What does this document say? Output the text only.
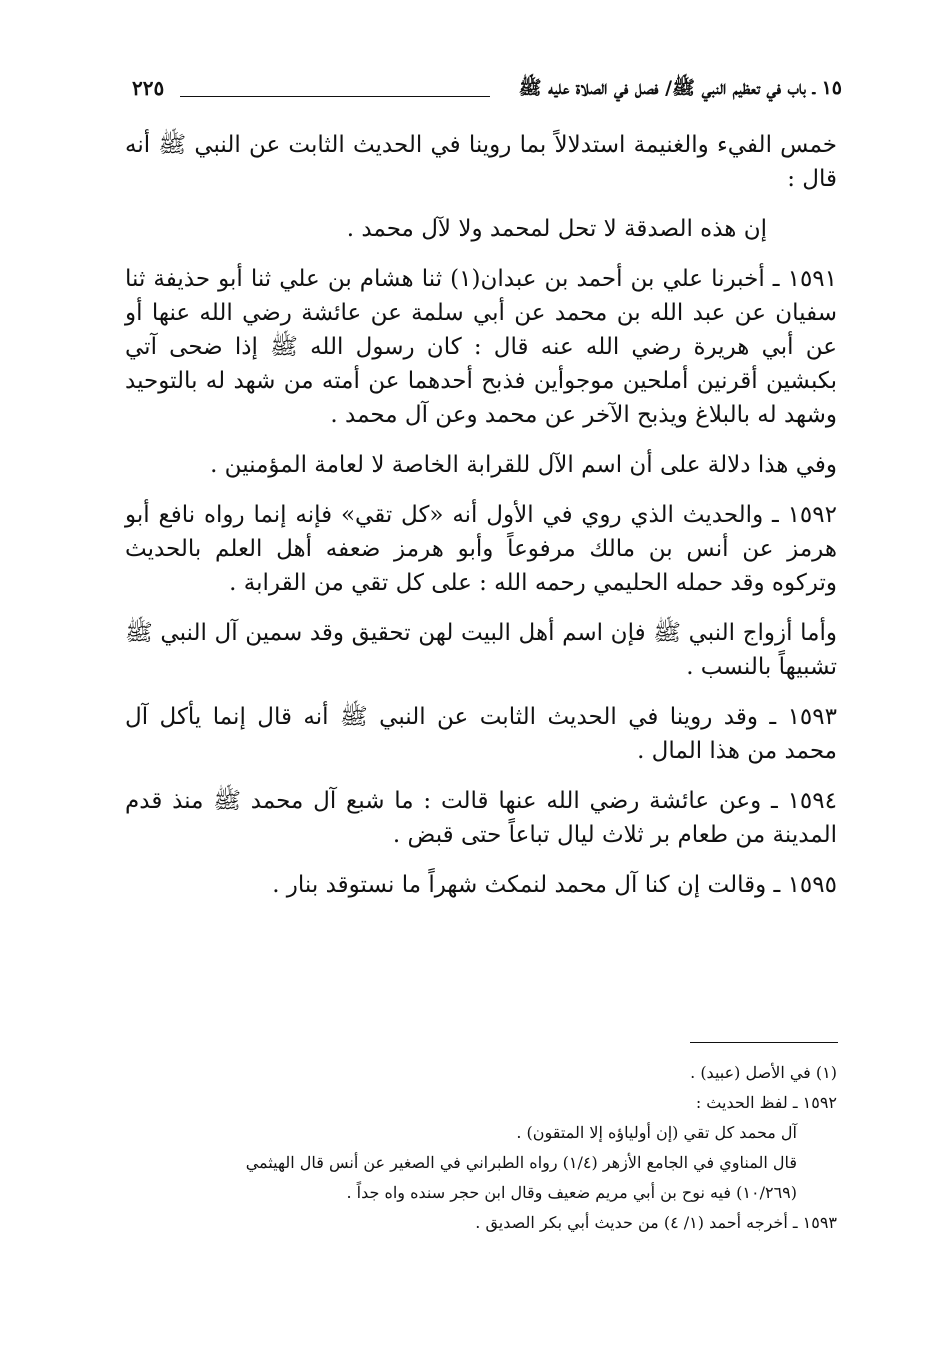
١٥ ـ باب في تعظيم النبي ﷺ/ فصل في الصلاة عليه ﷺ
٢٢٥

خمس الفيء والغنيمة استدلالاً بما روينا في الحديث الثابت عن النبي ﷺ أنه قال :

إن هذه الصدقة لا تحل لمحمد ولا لآل محمد .

١٥٩١ ـ أخبرنا علي بن أحمد بن عبدان(١) ثنا هشام بن علي ثنا أبو حذيفة ثنا سفيان عن عبد الله بن محمد عن أبي سلمة عن عائشة رضي الله عنها أو عن أبي هريرة رضي الله عنه قال : كان رسول الله ﷺ إذا ضحى آتي بكبشين أقرنين أملحين موجوأين فذبح أحدهما عن أمته من شهد له بالتوحيد وشهد له بالبلاغ ويذبح الآخر عن محمد وعن آل محمد .

وفي هذا دلالة على أن اسم الآل للقرابة الخاصة لا لعامة المؤمنين .

١٥٩٢ ـ والحديث الذي روي في الأول أنه «كل تقي» فإنه إنما رواه نافع أبو هرمز عن أنس بن مالك مرفوعاً وأبو هرمز ضعفه أهل العلم بالحديث وتركوه وقد حمله الحليمي رحمه الله : على كل تقي من القرابة .

وأما أزواج النبي ﷺ فإن اسم أهل البيت لهن تحقيق وقد سمين آل النبي ﷺ تشبيهاً بالنسب .

١٥٩٣ ـ وقد روينا في الحديث الثابت عن النبي ﷺ أنه قال إنما يأكل آل محمد من هذا المال .

١٥٩٤ ـ وعن عائشة رضي الله عنها قالت : ما شبع آل محمد ﷺ منذ قدم المدينة من طعام بر ثلاث ليال تباعاً حتى قبض .

١٥٩٥ ـ وقالت إن كنا آل محمد لنمكث شهراً ما نستوقد بنار .

(١) في الأصل (عبيد) .

١٥٩٢ ـ لفظ الحديث :

آل محمد كل تقي (إن أولياؤه إلا المتقون) .

قال المناوي في الجامع الأزهر (١/٤) رواه الطبراني في الصغير عن أنس قال الهيثمي

(١٠/٢٦٩) فيه نوح بن أبي مريم ضعيف وقال ابن حجر سنده واه جداً .

١٥٩٣ ـ أخرجه أحمد (١/ ٤) من حديث أبي بكر الصديق .
